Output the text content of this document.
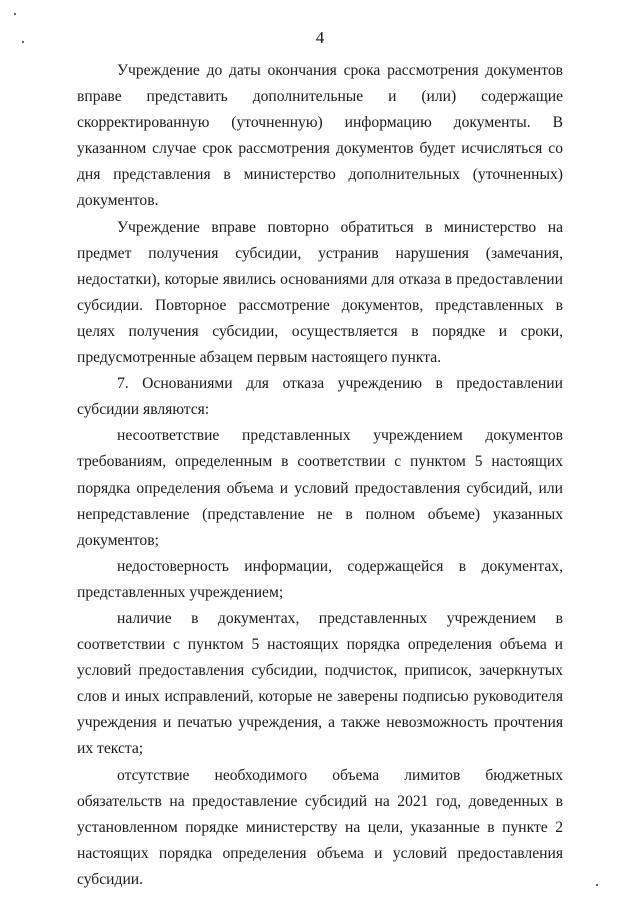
4

Учреждение до даты окончания срока рассмотрения документов вправе представить дополнительные и (или) содержащие скорректированную (уточненную) информацию документы. В указанном случае срок рассмотрения документов будет исчисляться со дня представления в министерство дополнительных (уточненных) документов.

Учреждение вправе повторно обратиться в министерство на предмет получения субсидии, устранив нарушения (замечания, недостатки), которые явились основаниями для отказа в предоставлении субсидии. Повторное рассмотрение документов, представленных в целях получения субсидии, осуществляется в порядке и сроки, предусмотренные абзацем первым настоящего пункта.

7. Основаниями для отказа учреждению в предоставлении субсидии являются:

несоответствие представленных учреждением документов требованиям, определенным в соответствии с пунктом 5 настоящих порядка определения объема и условий предоставления субсидий, или непредставление (представление не в полном объеме) указанных документов;

недостоверность информации, содержащейся в документах, представленных учреждением;

наличие в документах, представленных учреждением в соответствии с пунктом 5 настоящих порядка определения объема и условий предоставления субсидии, подчисток, приписок, зачеркнутых слов и иных исправлений, которые не заверены подписью руководителя учреждения и печатью учреждения, а также невозможность прочтения их текста;

отсутствие необходимого объема лимитов бюджетных обязательств на предоставление субсидий на 2021 год, доведенных в установленном порядке министерству на цели, указанные в пункте 2 настоящих порядка определения объема и условий предоставления субсидии.
